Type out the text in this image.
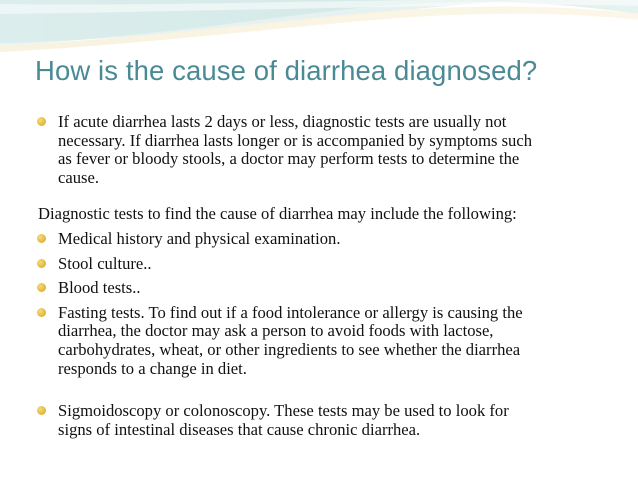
How is the cause of diarrhea diagnosed?
If acute diarrhea lasts 2 days or less, diagnostic tests are usually not
necessary. If diarrhea lasts longer or is accompanied by symptoms such
as fever or bloody stools, a doctor may perform tests to determine the
cause.

Diagnostic tests to find the cause of diarrhea may include the following:

Medical history and physical examination.
Stool culture..
Blood tests..
Fasting tests. To find out if a food intolerance or allergy is causing the
diarrhea, the doctor may ask a person to avoid foods with lactose,
carbohydrates, wheat, or other ingredients to see whether the diarrhea
responds to a change in diet.
Sigmoidoscopy or colonoscopy. These tests may be used to look for
signs of intestinal diseases that cause chronic diarrhea.
